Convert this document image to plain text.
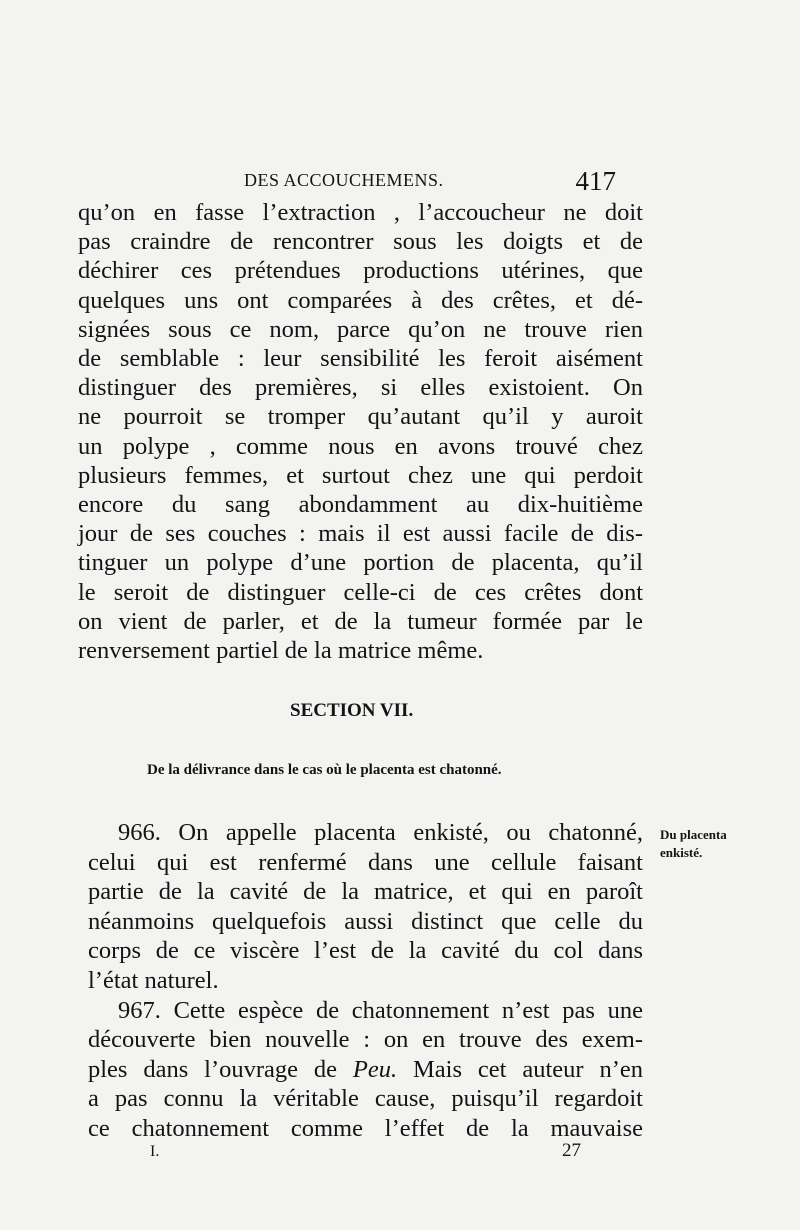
DES ACCOUCHEMENS.	417
qu’on en fasse l’extraction , l’accoucheur ne doit
pas craindre de rencontrer sous les doigts et de
déchirer ces prétendues productions utérines, que
quelques uns ont comparées à des crêtes, et dé-
signées sous ce nom, parce qu’on ne trouve rien
de semblable : leur sensibilité les feroit aisément
distinguer des premières, si elles existoient. On
ne pourroit se tromper qu’autant qu’il y auroit
un polype , comme nous en avons trouvé chez
plusieurs femmes, et surtout chez une qui perdoit
encore du sang abondamment au dix-huitième
jour de ses couches : mais il est aussi facile de dis-
tinguer un polype d’une portion de placenta, qu’il
le seroit de distinguer celle-ci de ces crêtes dont
on vient de parler, et de la tumeur formée par le
renversement partiel de la matrice même.
SECTION VII.
De la délivrance dans le cas où le placenta est chatonné.
966. On appelle placenta enkisté, ou chatonné,
celui qui est renfermé dans une cellule faisant
partie de la cavité de la matrice, et qui en paroît
néanmoins quelquefois aussi distinct que celle du
corps de ce viscère l’est de la cavité du col dans
l’état naturel.
967. Cette espèce de chatonnement n’est pas une
découverte bien nouvelle : on en trouve des exem-
ples dans l’ouvrage de Peu. Mais cet auteur n’en
a pas connu la véritable cause, puisqu’il regardoit
ce chatonnement comme l’effet de la mauvaise
Du placenta
enkisté.
I.	27
